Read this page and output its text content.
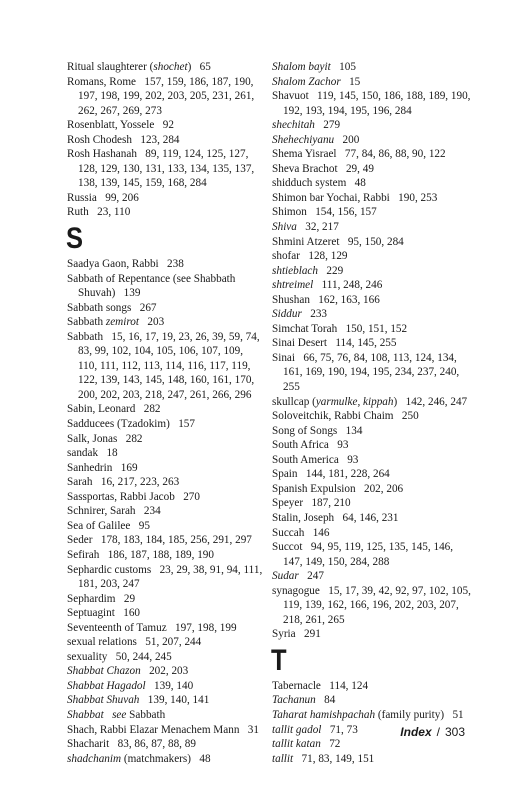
Ritual slaughterer (shochet)   65
Romans, Rome   157, 159, 186, 187, 190, 197, 198, 199, 202, 203, 205, 231, 261, 262, 267, 269, 273
Rosenblatt, Yossele   92
Rosh Chodesh   123, 284
Rosh Hashanah   89, 119, 124, 125, 127, 128, 129, 130, 131, 133, 134, 135, 137, 138, 139, 145, 159, 168, 284
Russia   99, 206
Ruth   23, 110
S
Saadya Gaon, Rabbi   238
Sabbath of Repentance (see Shabbath Shuvah)   139
Sabbath songs   267
Sabbath zemirot   203
Sabbath   15, 16, 17, 19, 23, 26, 39, 59, 74, 83, 99, 102, 104, 105, 106, 107, 109, 110, 111, 112, 113, 114, 116, 117, 119, 122, 139, 143, 145, 148, 160, 161, 170, 200, 202, 203, 218, 247, 261, 266, 296
Sabin, Leonard   282
Sadducees (Tzadokim)   157
Salk, Jonas   282
sandak   18
Sanhedrin   169
Sarah   16, 217, 223, 263
Sassportas, Rabbi Jacob   270
Schnirer, Sarah   234
Sea of Galilee   95
Seder   178, 183, 184, 185, 256, 291, 297
Sefirah   186, 187, 188, 189, 190
Sephardic customs   23, 29, 38, 91, 94, 111, 181, 203, 247
Sephardim   29
Septuagint   160
Seventeenth of Tamuz   197, 198, 199
sexual relations   51, 207, 244
sexuality   50, 244, 245
Shabbat Chazon   202, 203
Shabbat Hagadol   139, 140
Shabbat Shuvah   139, 140, 141
Shabbat see Sabbath
Shach, Rabbi Elazar Menachem Mann   31
Shacharit   83, 86, 87, 88, 89
shadchanim (matchmakers)   48
Shalom bayit   105
Shalom Zachor   15
Shavuot   119, 145, 150, 186, 188, 189, 190, 192, 193, 194, 195, 196, 284
shechitah   279
Shehechiyanu   200
Shema Yisrael   77, 84, 86, 88, 90, 122
Sheva Brachot   29, 49
shidduch system   48
Shimon bar Yochai, Rabbi   190, 253
Shimon   154, 156, 157
Shiva   32, 217
Shmini Atzeret   95, 150, 284
shofar   128, 129
shtieblach   229
shtreimel   111, 248, 246
Shushan   162, 163, 166
Siddur   233
Simchat Torah   150, 151, 152
Sinai Desert   114, 145, 255
Sinai   66, 75, 76, 84, 108, 113, 124, 134, 161, 169, 190, 194, 195, 234, 237, 240, 255
skullcap (yarmulke, kippah)   142, 246, 247
Soloveitchik, Rabbi Chaim   250
Song of Songs   134
South Africa   93
South America   93
Spain   144, 181, 228, 264
Spanish Expulsion   202, 206
Speyer   187, 210
Stalin, Joseph   64, 146, 231
Succah   146
Succot   94, 95, 119, 125, 135, 145, 146, 147, 149, 150, 284, 288
Sudar   247
synagogue   15, 17, 39, 42, 92, 97, 102, 105, 119, 139, 162, 166, 196, 202, 203, 207, 218, 261, 265
Syria   291
T
Tabernacle   114, 124
Tachanun   84
Taharat hamishpachah (family purity)   51
tallit gadol   71, 73
tallit katan   72
tallit   71, 83, 149, 151
Index / 303
